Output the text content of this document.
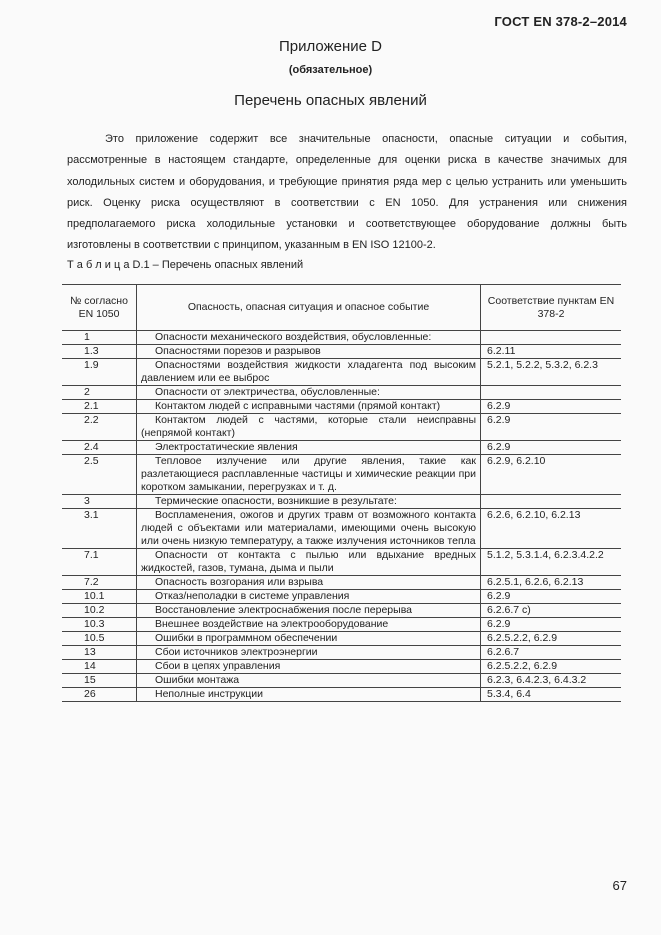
ГОСТ EN 378-2–2014
Приложение D
(обязательное)
Перечень опасных явлений

Это приложение содержит все значительные опасности, опасные ситуации и события, рассмотренные в настоящем стандарте, определенные для оценки риска в качестве значимых для холодильных систем и оборудования, и требующие принятия ряда мер с целью устранить или уменьшить риск. Оценку риска осуществляют в соответствии с EN 1050. Для устранения или снижения предполагаемого риска холодильные установки и соответствующее оборудование должны быть изготовлены в соответствии с принципом, указанным в EN ISO 12100-2.

Т а б л и ц а D.1 – Перечень опасных явлений
№ согласно EN 1050	Опасность, опасная ситуация и опасное событие	Соответствие пунктам EN 378-2
1	Опасности механического воздействия, обусловленные:	
1.3	Опасностями порезов и разрывов	6.2.11
1.9	Опасностями воздействия жидкости хладагента под высоким давлением или ее выброс	5.2.1, 5.2.2, 5.3.2, 6.2.3
2	Опасности от электричества, обусловленные:	
2.1	Контактом людей с исправными частями (прямой контакт)	6.2.9
2.2	Контактом людей с частями, которые стали неисправны (непрямой контакт)	6.2.9
2.4	Электростатические явления	6.2.9
2.5	Тепловое излучение или другие явления, такие как разлетающиеся расплавленные частицы и химические реакции при коротком замыкании, перегрузках и т. д.	6.2.9, 6.2.10
3	Термические опасности, возникшие в результате:	
3.1	Воспламенения, ожогов и других травм от возможного контакта людей с объектами или материалами, имеющими очень высокую или очень низкую температуру, а также излучения источников тепла	6.2.6, 6.2.10, 6.2.13
7.1	Опасности от контакта с пылью или вдыхание вредных жидкостей, газов, тумана, дыма и пыли	5.1.2, 5.3.1.4, 6.2.3.4.2.2
7.2	Опасность возгорания или взрыва	6.2.5.1, 6.2.6, 6.2.13
10.1	Отказ/неполадки в системе управления	6.2.9
10.2	Восстановление электроснабжения после перерыва	6.2.6.7 с)
10.3	Внешнее воздействие на электрооборудование	6.2.9
10.5	Ошибки в программном обеспечении	6.2.5.2.2, 6.2.9
13	Сбои источников электроэнергии	6.2.6.7
14	Сбои в цепях управления	6.2.5.2.2, 6.2.9
15	Ошибки монтажа	6.2.3, 6.4.2.3, 6.4.3.2
26	Неполные инструкции	5.3.4, 6.4
67
